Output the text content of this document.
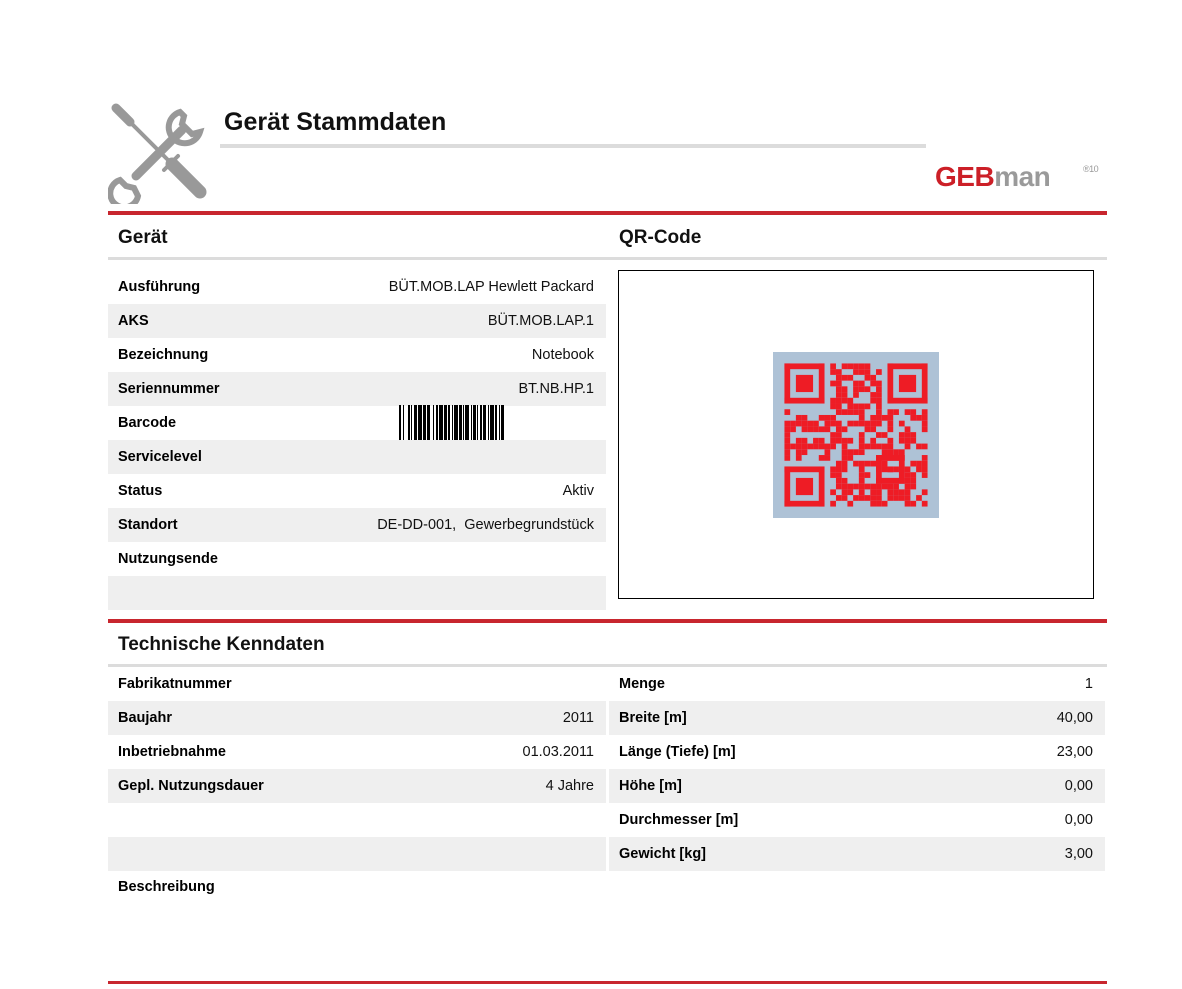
Gerät Stammdaten
GEBman	®10
Gerät
Ausführung	BÜT.MOB.LAP Hewlett Packard
AKS	BÜT.MOB.LAP.1
Bezeichnung	Notebook
Seriennummer	BT.NB.HP.1
Barcode
Servicelevel
Status	Aktiv
Standort	DE-DD-001,  Gewerbegrundstück
Nutzungsende
QR-Code
Technische Kenndaten
Fabrikatnummer
Baujahr	2011
Inbetriebnahme	01.03.2011
Gepl. Nutzungsdauer	4 Jahre
Menge	1
Breite [m]	40,00
Länge (Tiefe) [m]	23,00
Höhe [m]	0,00
Durchmesser [m]	0,00
Gewicht [kg]	3,00
Beschreibung
